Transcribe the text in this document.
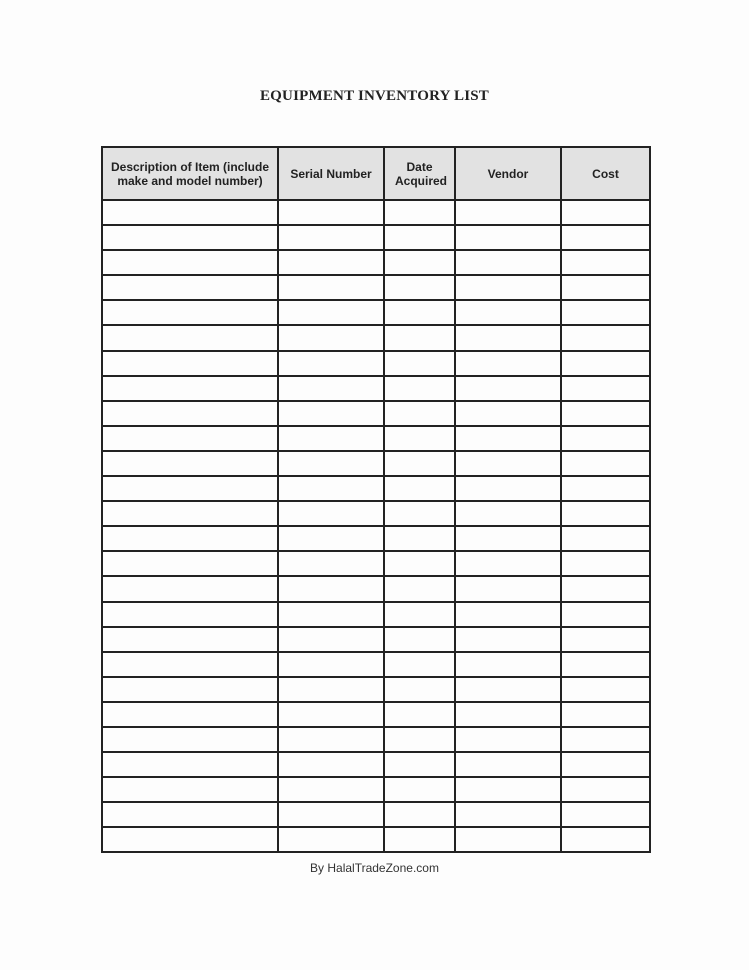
EQUIPMENT INVENTORY LIST
Description of Item (include make and model number)	Serial Number	Date Acquired	Vendor	Cost

By HalalTradeZone.com
